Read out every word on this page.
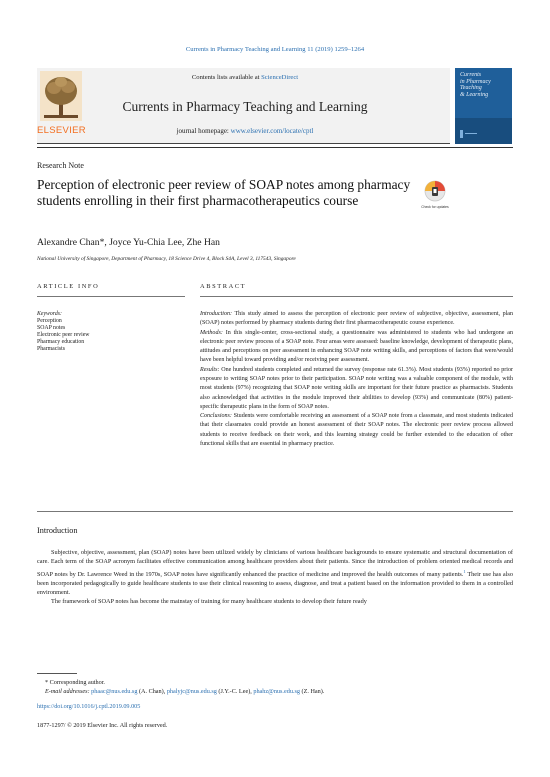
Currents in Pharmacy Teaching and Learning 11 (2019) 1259–1264
ELSEVIER
Contents lists available at ScienceDirect
Currents in Pharmacy Teaching and Learning
journal homepage: www.elsevier.com/locate/cptl
Currents
in Pharmacy
Teaching
& Learning
Research Note
Perception of electronic peer review of SOAP notes among pharmacy students enrolling in their first pharmacotherapeutics course	Check for updates
Alexandre Chan*, Joyce Yu-Chia Lee, Zhe Han
National University of Singapore, Department of Pharmacy, 18 Science Drive 4, Block S4A, Level 3, 117543, Singapore
ARTICLE INFO	ABSTRACT
Keywords:
Perception
SOAP notes
Electronic peer review
Pharmacy education
Pharmacists

Introduction: This study aimed to assess the perception of electronic peer review of subjective, objective, assessment, plan (SOAP) notes performed by pharmacy students during their first pharmacotherapeutic course experience.

Methods: In this single-center, cross-sectional study, a questionnaire was administered to students who had undergone an electronic peer review process of a SOAP note. Four areas were assessed: baseline knowledge, development of therapeutic plans, attitudes and perceptions on peer assessment in enhancing SOAP note writing skills, and perceptions of factors that were/would have been helpful toward providing and/or receiving peer assessment.

Results: One hundred students completed and returned the survey (response rate 61.3%). Most students (93%) reported no prior exposure to writing SOAP notes prior to their participation. SOAP note writing was a valuable component of the module, with most students (97%) recognizing that SOAP note writing skills are important for their future practice as pharmacists. Students also acknowledged that activities in the module improved their abilities to develop (93%) and communicate (80%) patient-specific therapeutic plans in the form of SOAP notes.

Conclusions: Students were comfortable receiving an assessment of a SOAP note from a classmate, and most students indicated that their classmates could provide an honest assessment of their SOAP notes. The electronic peer review process allowed students to receive feedback on their work, and this learning strategy could be further extended to the education of other functional skills that are essential in pharmacy practice.

Introduction

Subjective, objective, assessment, plan (SOAP) notes have been utilized widely by clinicians of various healthcare backgrounds to ensure systematic and structural documentation of care. Each term of the SOAP acronym facilitates effective communication among healthcare providers about their patients. Since the introduction of problem oriented medical records and SOAP notes by Dr. Lawrence Weed in the 1970s, SOAP notes have significantly enhanced the practice of medicine and improved the health outcomes of many patients.$^1$ Their use has also been incorporated pedagogically to guide healthcare students to use their clinical reasoning to assess, diagnose, and treat a patient based on the information provided to them in a controlled environment.

The framework of SOAP notes has become the mainstay of training for many healthcare students to develop their future ready

* Corresponding author.
E-mail addresses: phaac@nus.edu.sg (A. Chan), phalyjc@nus.edu.sg (J.Y.-C. Lee), phahz@nus.edu.sg (Z. Han).
https://doi.org/10.1016/j.cptl.2019.09.005
1877-1297/ © 2019 Elsevier Inc. All rights reserved.
